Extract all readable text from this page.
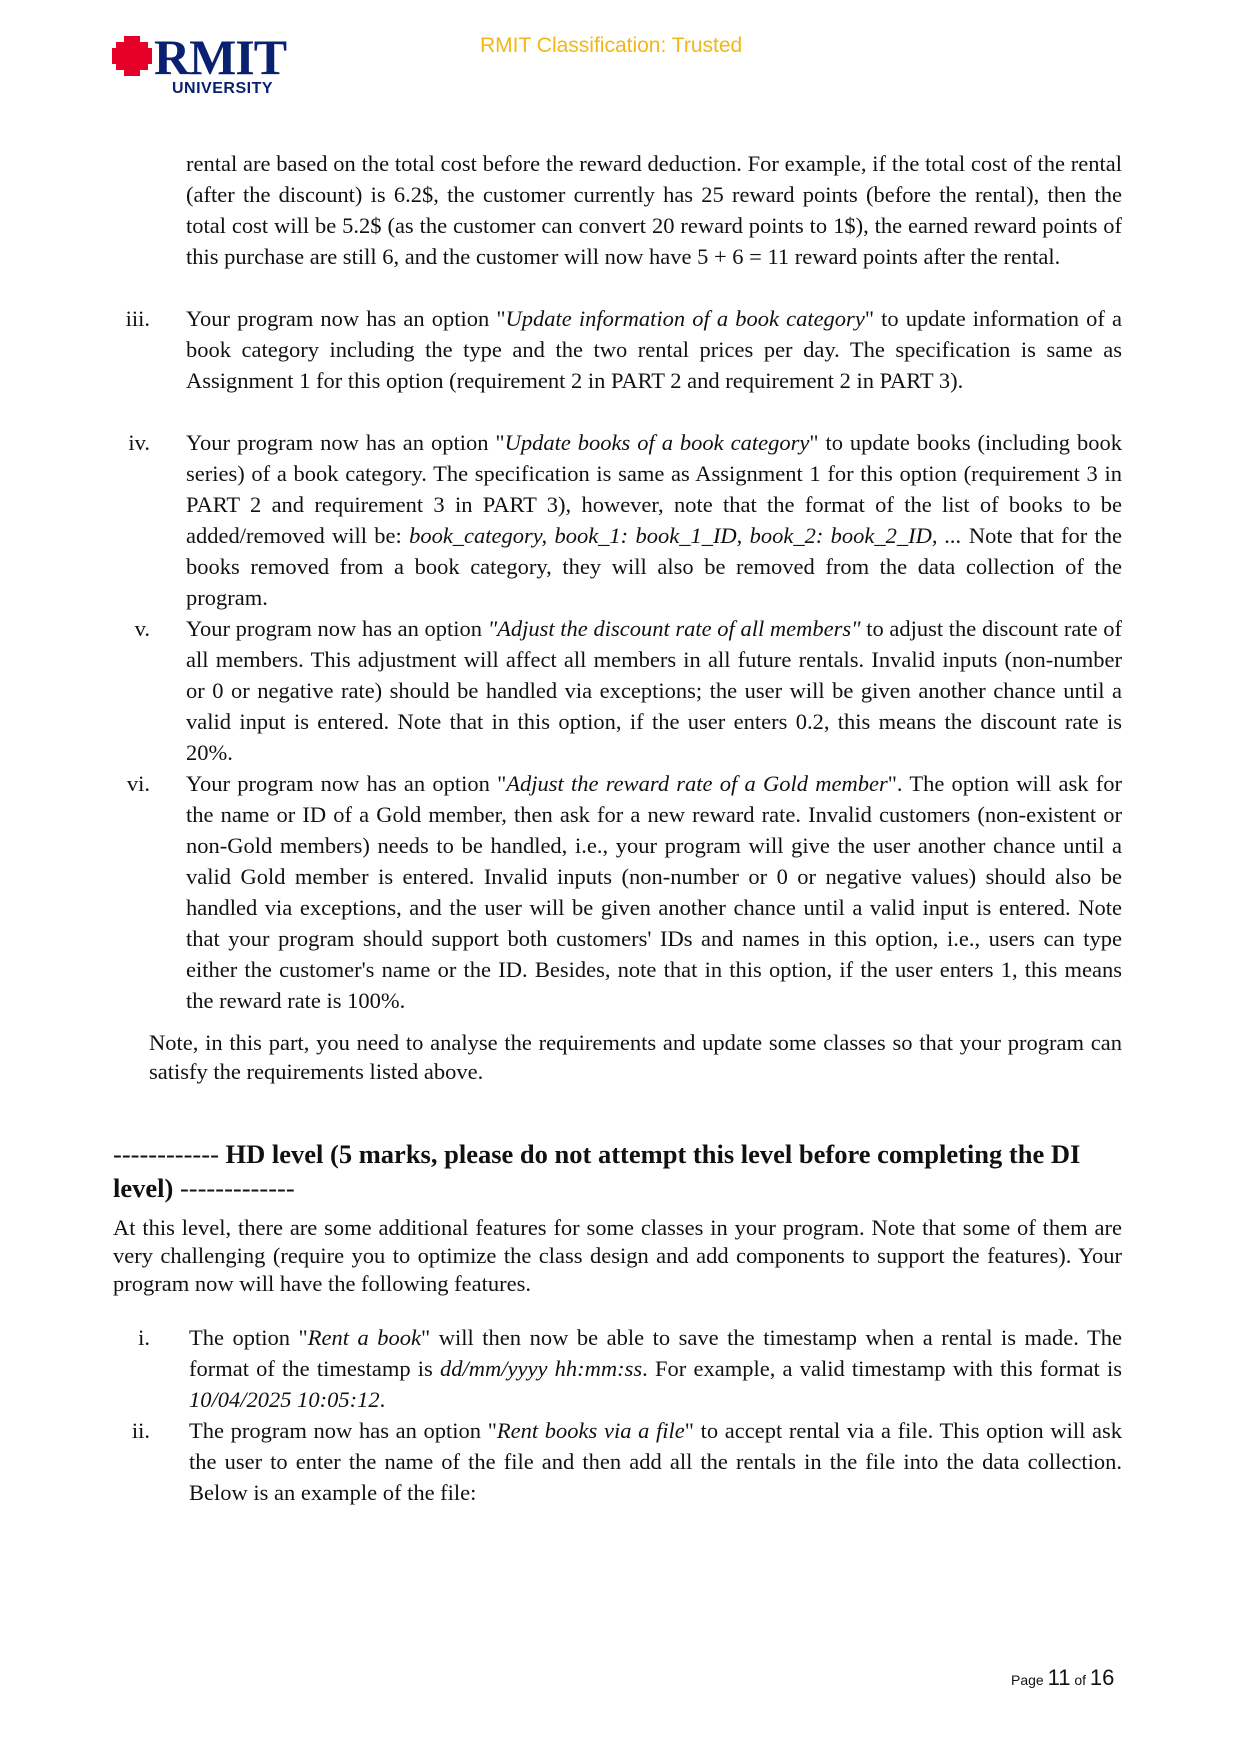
RMIT
UNIVERSITY
RMIT Classification: Trusted
rental are based on the total cost before the reward deduction. For example, if the total cost of the rental (after the discount) is 6.2$, the customer currently has 25 reward points (before the rental), then the total cost will be 5.2$ (as the customer can convert 20 reward points to 1$), the earned reward points of this purchase are still 6, and the customer will now have 5 + 6 = 11 reward points after the rental.
iii. Your program now has an option "Update information of a book category" to update information of a book category including the type and the two rental prices per day. The specification is same as Assignment 1 for this option (requirement 2 in PART 2 and requirement 2 in PART 3).
iv. Your program now has an option "Update books of a book category" to update books (including book series) of a book category. The specification is same as Assignment 1 for this option (requirement 3 in PART 2 and requirement 3 in PART 3), however, note that the format of the list of books to be added/removed will be: book_category, book_1: book_1_ID, book_2: book_2_ID, ... Note that for the books removed from a book category, they will also be removed from the data collection of the program.
v. Your program now has an option "Adjust the discount rate of all members" to adjust the discount rate of all members. This adjustment will affect all members in all future rentals. Invalid inputs (non-number or 0 or negative rate) should be handled via exceptions; the user will be given another chance until a valid input is entered. Note that in this option, if the user enters 0.2, this means the discount rate is 20%.
vi. Your program now has an option "Adjust the reward rate of a Gold member". The option will ask for the name or ID of a Gold member, then ask for a new reward rate. Invalid customers (non-existent or non-Gold members) needs to be handled, i.e., your program will give the user another chance until a valid Gold member is entered. Invalid inputs (non-number or 0 or negative values) should also be handled via exceptions, and the user will be given another chance until a valid input is entered. Note that your program should support both customers' IDs and names in this option, i.e., users can type either the customer's name or the ID. Besides, note that in this option, if the user enters 1, this means the reward rate is 100%.
Note, in this part, you need to analyse the requirements and update some classes so that your program can satisfy the requirements listed above.
------------ HD level (5 marks, please do not attempt this level before completing the DI level) -------------
At this level, there are some additional features for some classes in your program. Note that some of them are very challenging (require you to optimize the class design and add components to support the features). Your program now will have the following features.
i. The option "Rent a book" will then now be able to save the timestamp when a rental is made. The format of the timestamp is dd/mm/yyyy hh:mm:ss. For example, a valid timestamp with this format is 10/04/2025 10:05:12.
ii. The program now has an option "Rent books via a file" to accept rental via a file. This option will ask the user to enter the name of the file and then add all the rentals in the file into the data collection. Below is an example of the file:
Page 11 of 16
